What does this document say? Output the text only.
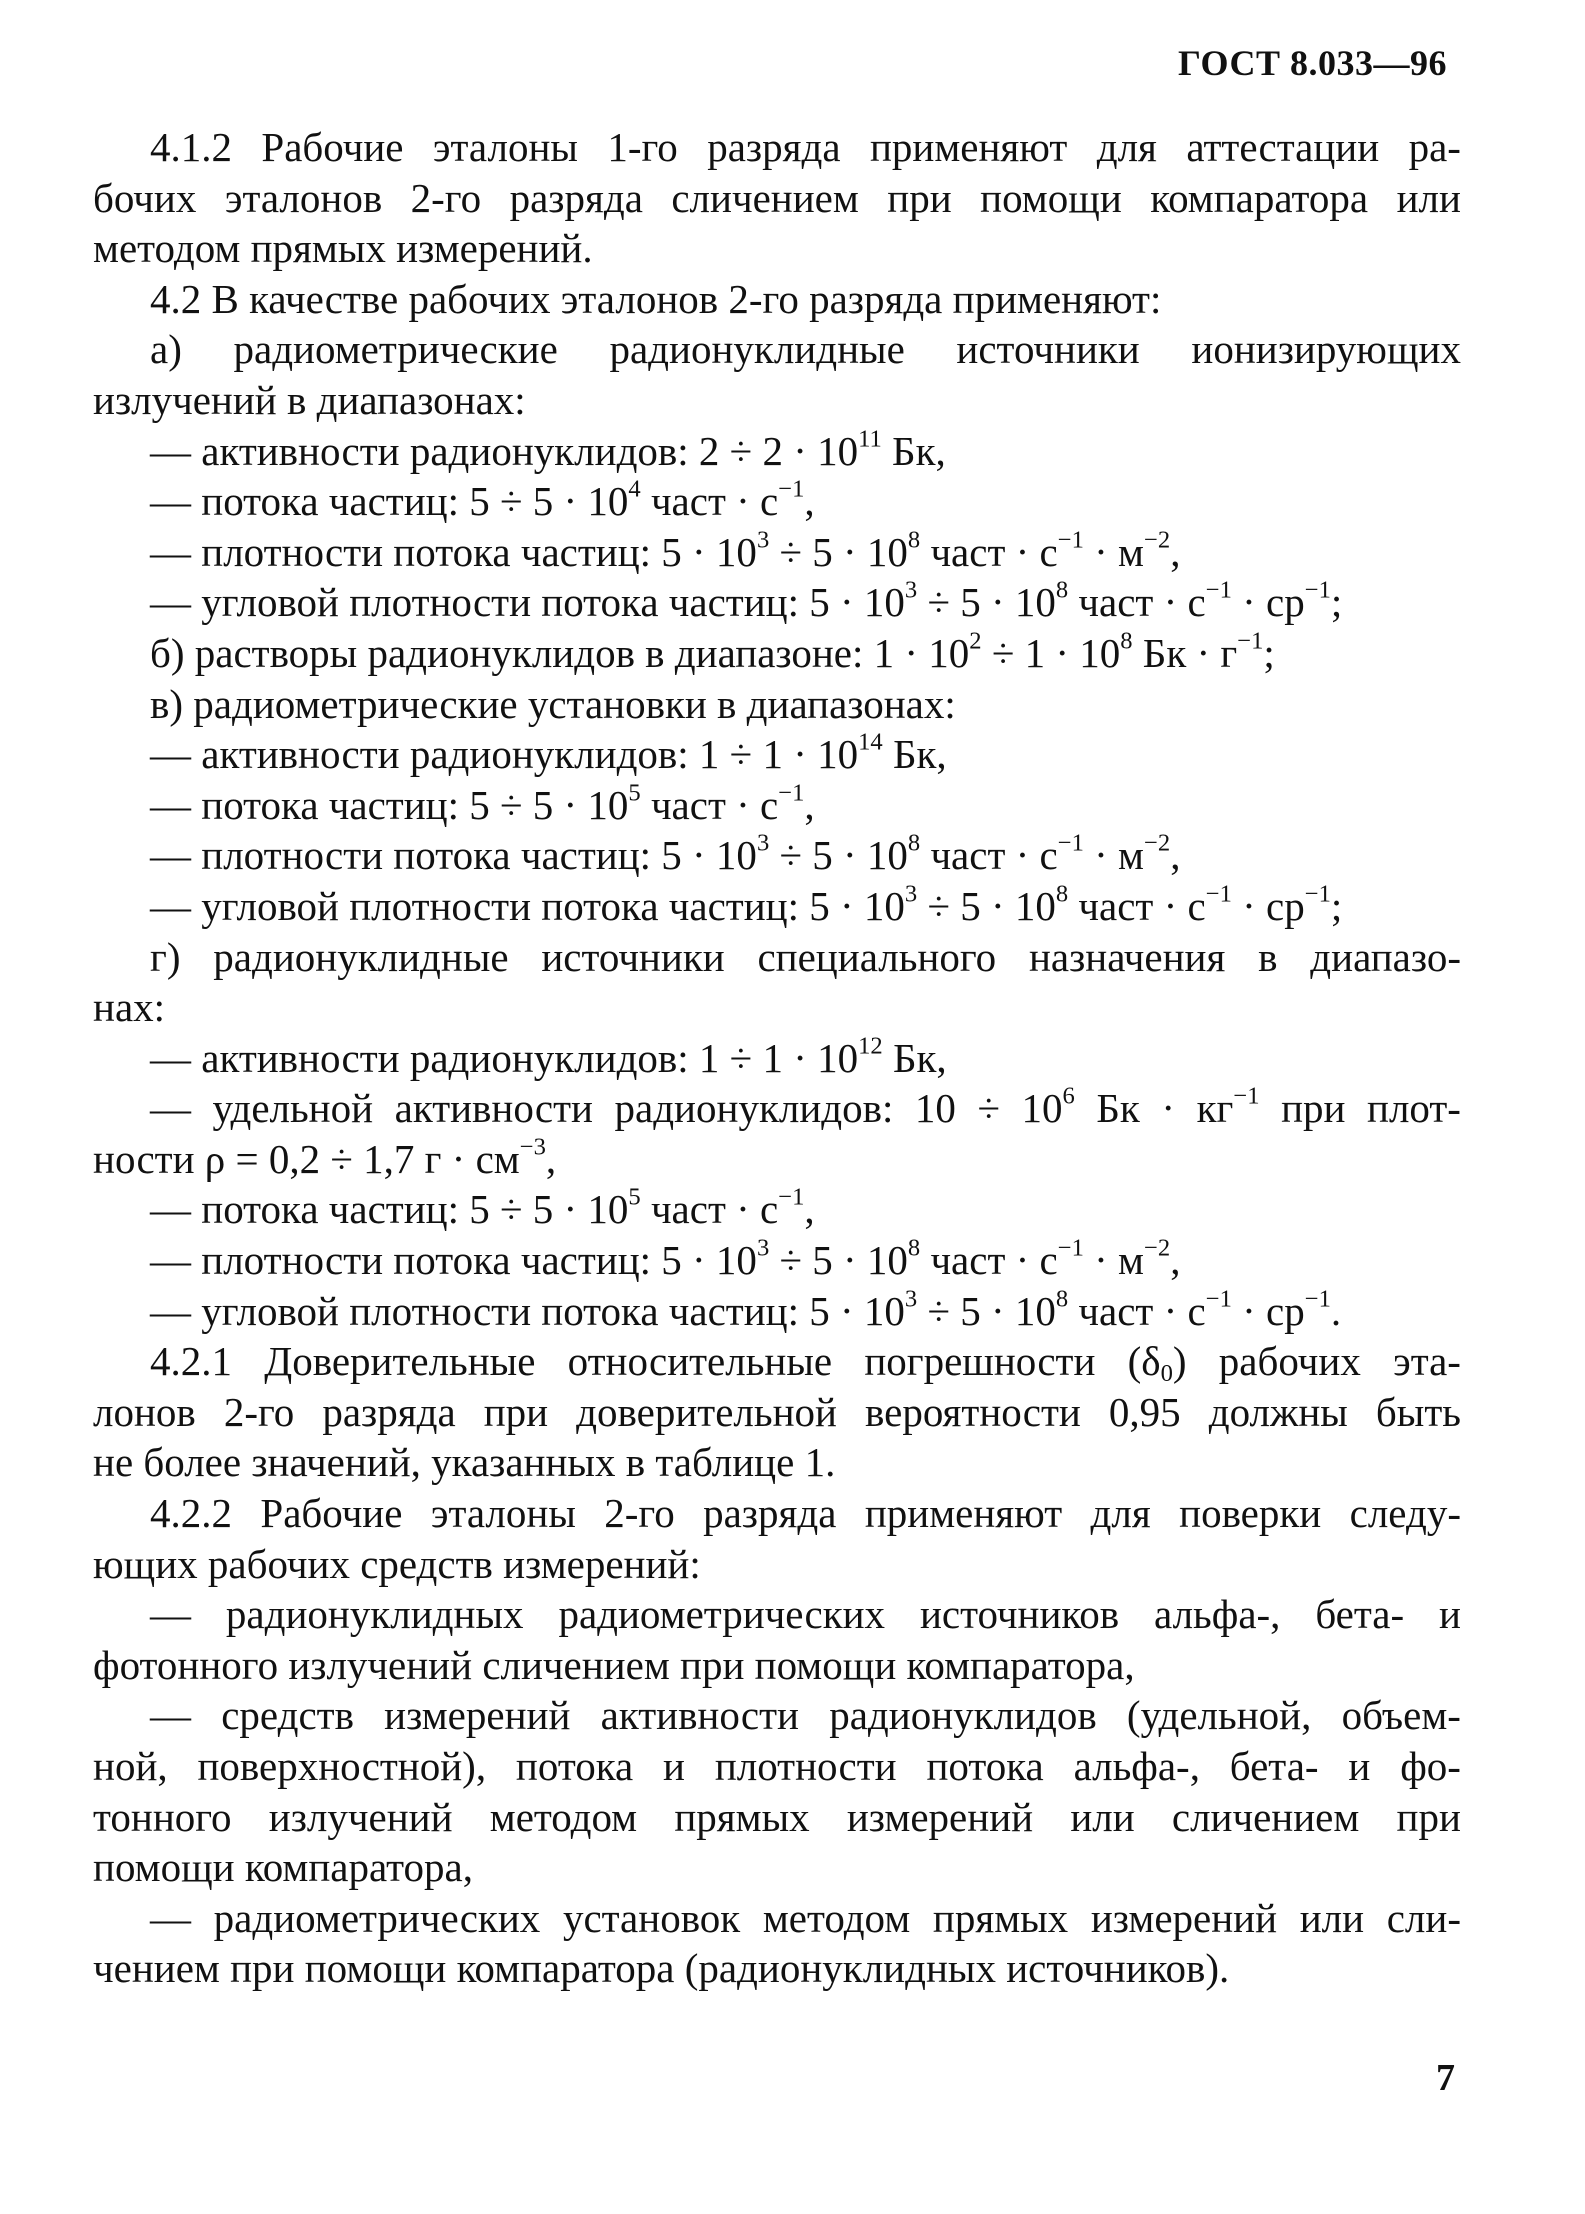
ГОСТ 8.033—96
4.1.2 Рабочие эталоны 1-го разряда применяют для аттестации ра-
бочих эталонов 2-го разряда сличением при помощи компаратора или
методом прямых измерений.
4.2 В качестве рабочих эталонов 2-го разряда применяют:
а) радиометрические радионуклидные источники ионизирующих
излучений в диапазонах:
— активности радионуклидов: $2 \div 2 \cdot 10^{11}$ Бк,
— потока частиц: $5 \div 5 \cdot 10^4$ част · $с^{-1}$,
— плотности потока частиц: $5 \cdot 10^3 \div 5 \cdot 10^8$ част · $с^{-1} \cdot м^{-2}$,
— угловой плотности потока частиц: $5 \cdot 10^3 \div 5 \cdot 10^8$ част · $с^{-1} \cdot ср^{-1}$;
б) растворы радионуклидов в диапазоне: $1 \cdot 10^2 \div 1 \cdot 10^8$ Бк · $г^{-1}$;
в) радиометрические установки в диапазонах:
— активности радионуклидов: $1 \div 1 \cdot 10^{14}$ Бк,
— потока частиц: $5 \div 5 \cdot 10^5$ част · $с^{-1}$,
— плотности потока частиц: $5 \cdot 10^3 \div 5 \cdot 10^8$ част · $с^{-1} \cdot м^{-2}$,
— угловой плотности потока частиц: $5 \cdot 10^3 \div 5 \cdot 10^8$ част · $с^{-1} \cdot ср^{-1}$;
г) радионуклидные источники специального назначения в диапазо-
нах:
— активности радионуклидов: $1 \div 1 \cdot 10^{12}$ Бк,
— удельной активности радионуклидов: $10 \div 10^6$ Бк · $кг^{-1}$ при плот-
ности ρ = 0,2 ÷ 1,7 $г \cdot см^{-3}$,
— потока частиц: $5 \div 5 \cdot 10^5$ част · $с^{-1}$,
— плотности потока частиц: $5 \cdot 10^3 \div 5 \cdot 10^8$ част · $с^{-1} \cdot м^{-2}$,
— угловой плотности потока частиц: $5 \cdot 10^3 \div 5 \cdot 10^8$ част · $с^{-1} \cdot ср^{-1}$.
4.2.1 Доверительные относительные погрешности $(\delta_0)$ рабочих эта-
лонов 2-го разряда при доверительной вероятности 0,95 должны быть
не более значений, указанных в таблице 1.
4.2.2 Рабочие эталоны 2-го разряда применяют для поверки следу-
ющих рабочих средств измерений:
— радионуклидных радиометрических источников альфа-, бета- и
фотонного излучений сличением при помощи компаратора,
— средств измерений активности радионуклидов (удельной, объем-
ной, поверхностной), потока и плотности потока альфа-, бета- и фо-
тонного излучений методом прямых измерений или сличением при
помощи компаратора,
— радиометрических установок методом прямых измерений или сли-
чением при помощи компаратора (радионуклидных источников).
7
